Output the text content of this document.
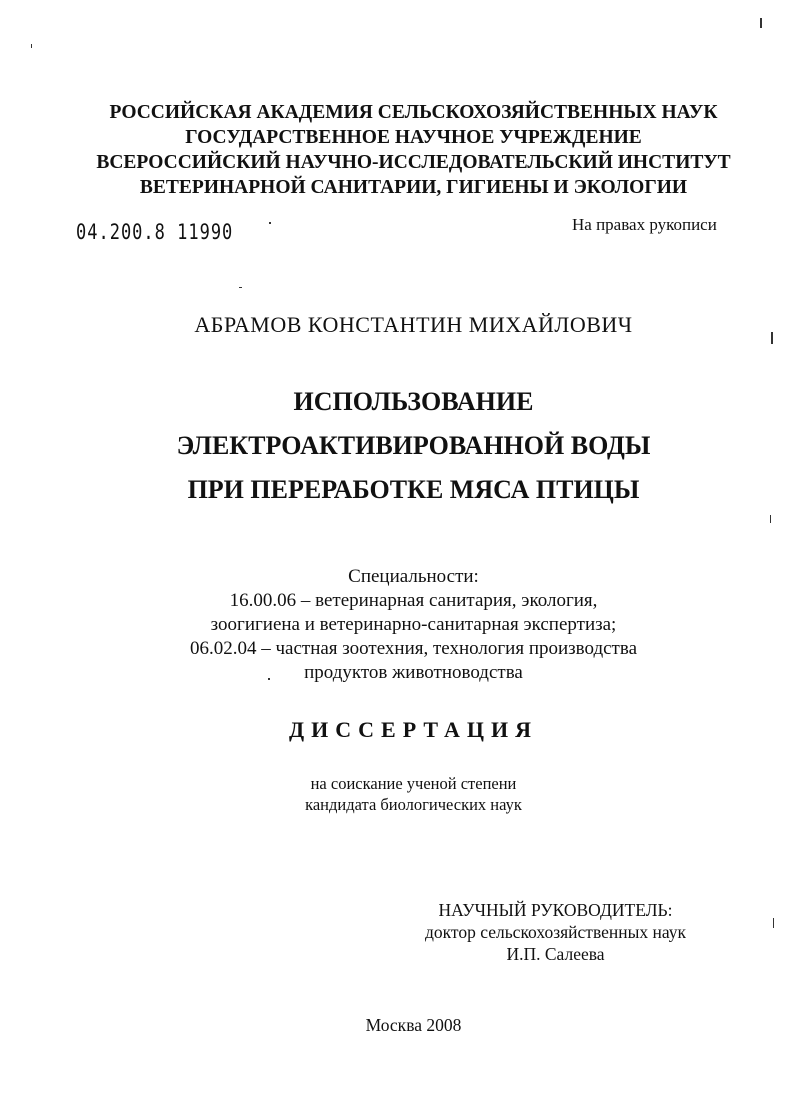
РОССИЙСКАЯ АКАДЕМИЯ СЕЛЬСКОХОЗЯЙСТВЕННЫХ НАУК
ГОСУДАРСТВЕННОЕ НАУЧНОЕ УЧРЕЖДЕНИЕ
ВСЕРОССИЙСКИЙ НАУЧНО-ИССЛЕДОВАТЕЛЬСКИЙ ИНСТИТУТ
ВЕТЕРИНАРНОЙ САНИТАРИИ, ГИГИЕНЫ И ЭКОЛОГИИ
04.200.8 11990	На правах рукописи
АБРАМОВ КОНСТАНТИН МИХАЙЛОВИЧ
ИСПОЛЬЗОВАНИЕ
ЭЛЕКТРОАКТИВИРОВАННОЙ ВОДЫ
ПРИ ПЕРЕРАБОТКЕ МЯСА ПТИЦЫ
Специальности:
16.00.06 – ветеринарная санитария, экология,
зоогигиена и ветеринарно-санитарная экспертиза;
06.02.04 – частная зоотехния, технология производства
продуктов животноводства
ДИССЕРТАЦИЯ
на соискание ученой степени
кандидата биологических наук
НАУЧНЫЙ РУКОВОДИТЕЛЬ:
доктор сельскохозяйственных наук
И.П. Салеева
Москва 2008
